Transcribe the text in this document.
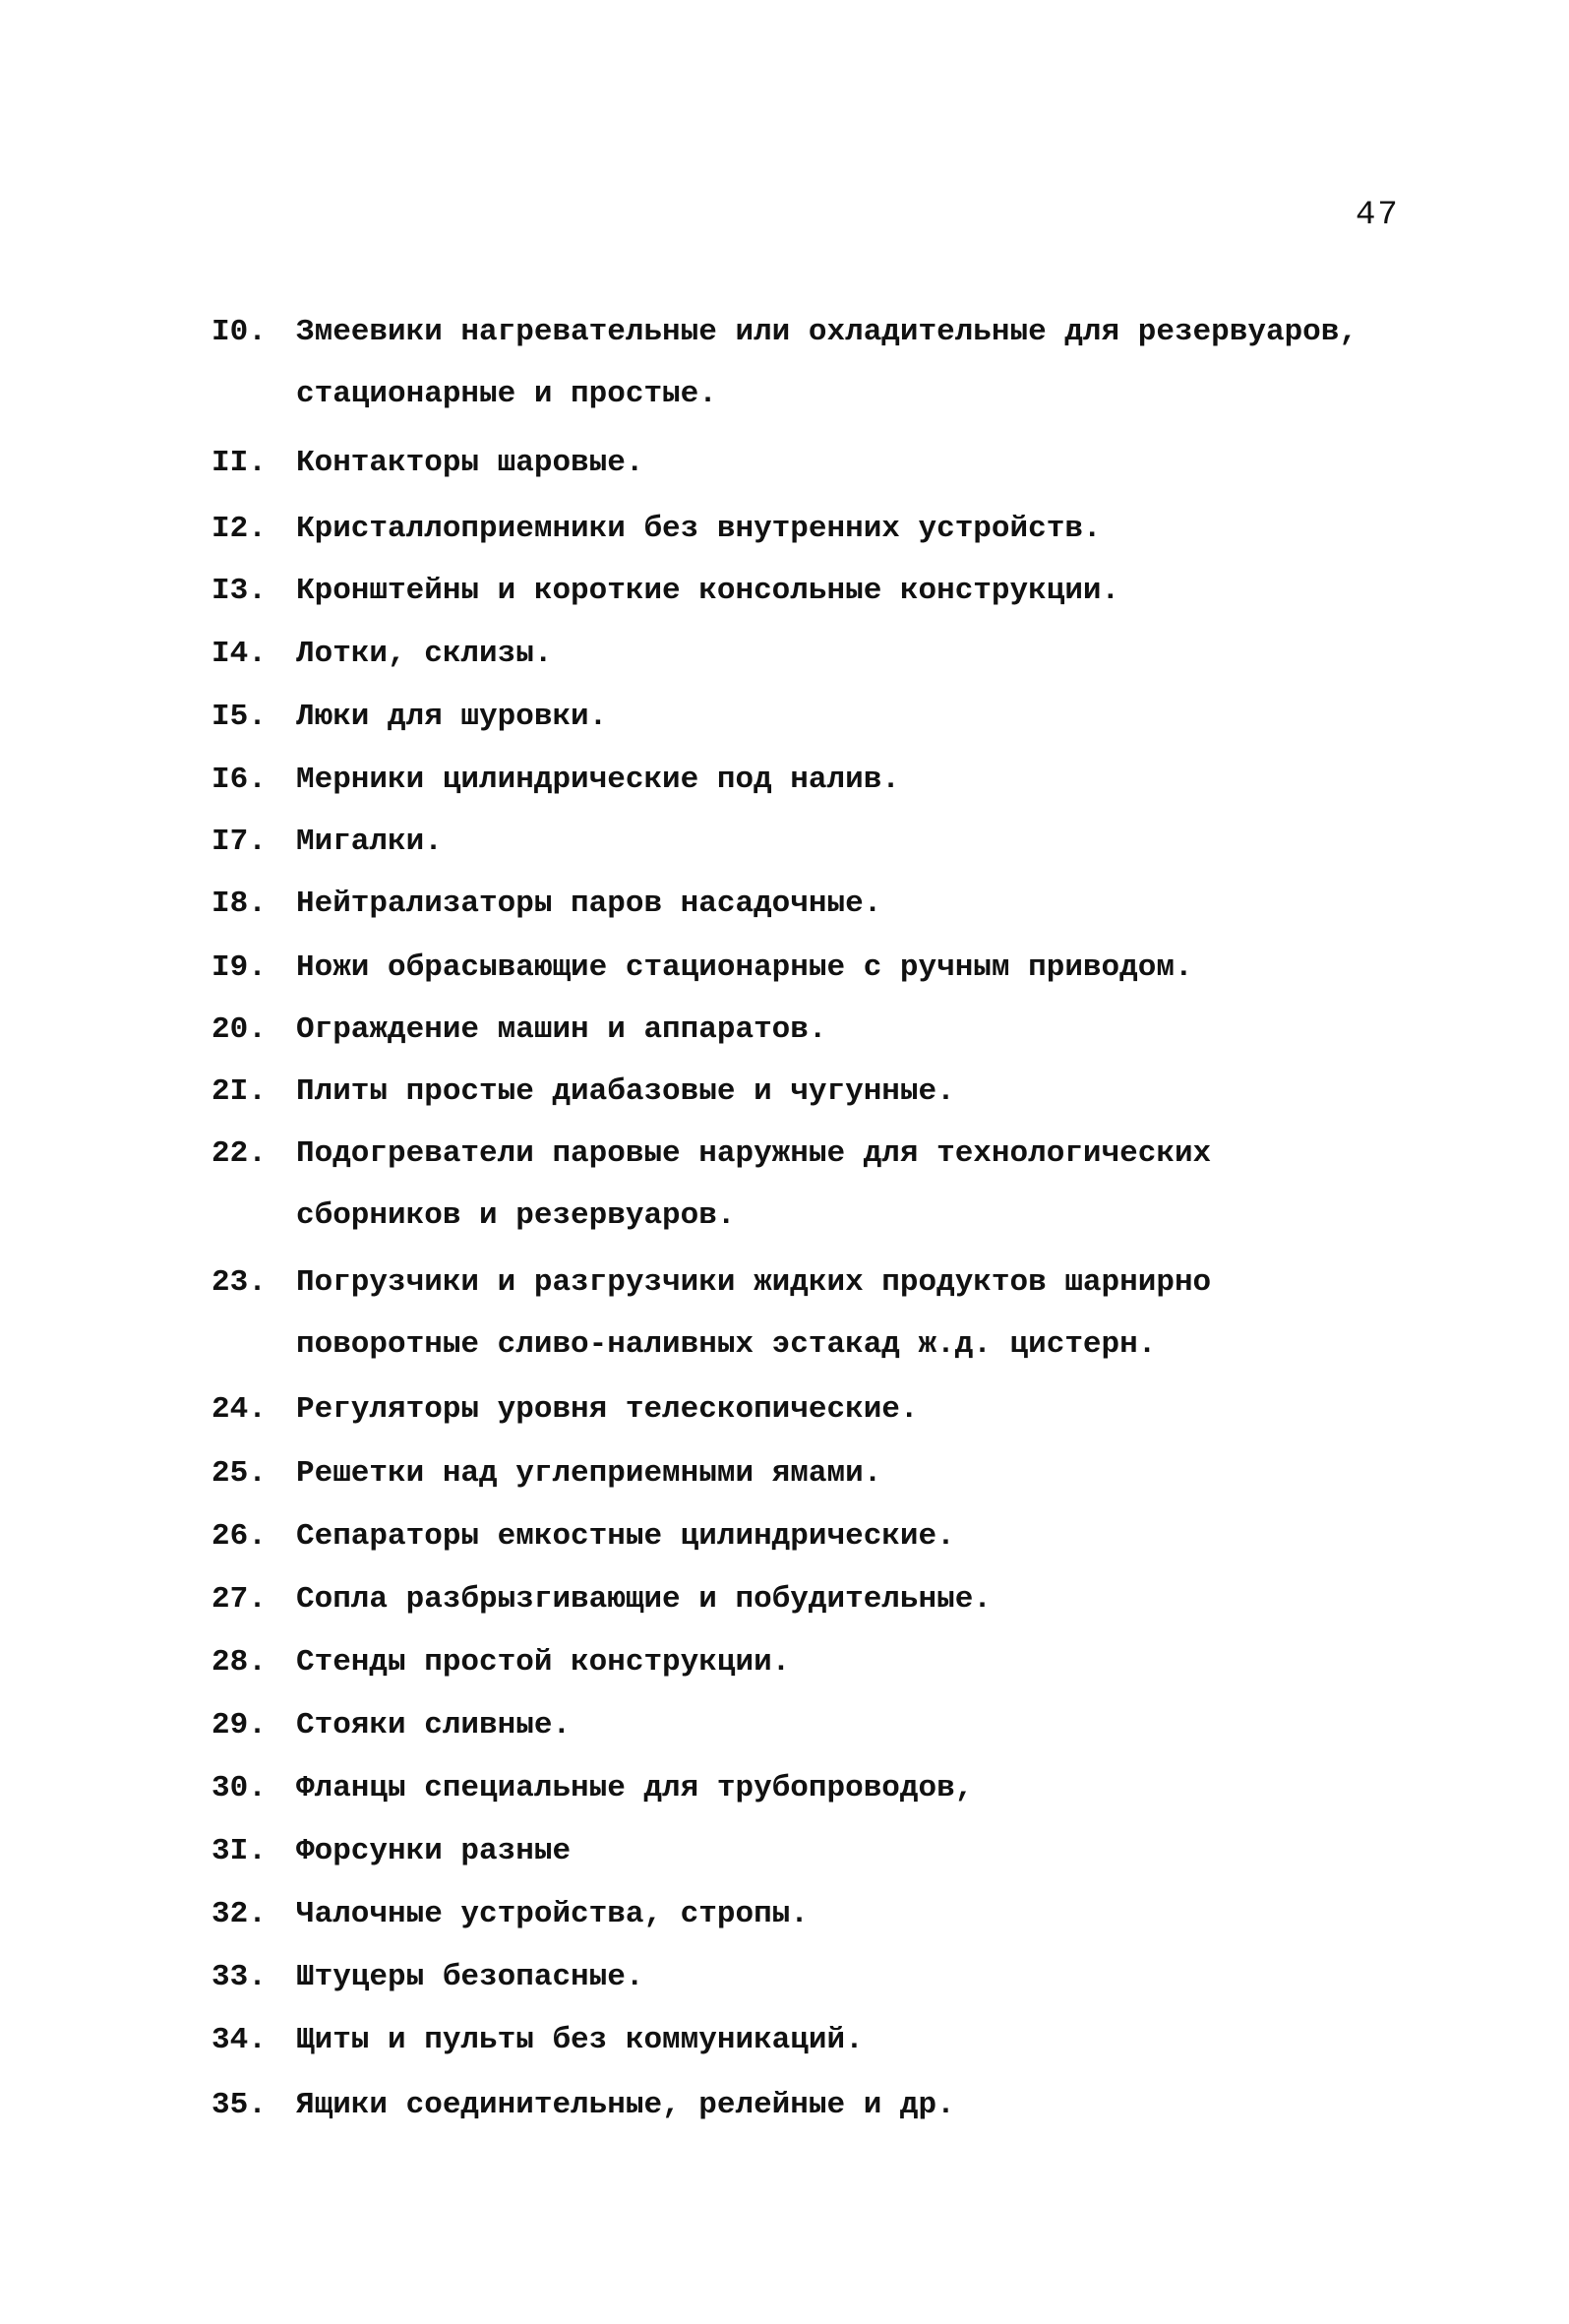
47
I0. Змеевики нагревательные или охладительные для резервуаров,
стационарные и простые.
II. Контакторы шаровые.
I2. Кристаллоприемники без внутренних устройств.
I3. Кронштейны и короткие консольные конструкции.
I4. Лотки, склизы.
I5. Люки для шуровки.
I6. Мерники цилиндрические под налив.
I7. Мигалки.
I8. Нейтрализаторы паров насадочные.
I9. Ножи обрасывающие стационарные с ручным приводом.
20. Ограждение машин и аппаратов.
2I. Плиты простые диабазовые и чугунные.
22. Подогреватели паровые наружные для технологических
сборников и резервуаров.
23. Погрузчики и разгрузчики жидких продуктов шарнирно
поворотные сливо-наливных эстакад ж.д. цистерн.
24. Регуляторы уровня телескопические.
25. Решетки над углеприемными ямами.
26. Сепараторы емкостные цилиндрические.
27. Сопла разбрызгивающие и побудительные.
28. Стенды простой конструкции.
29. Стояки сливные.
30. Фланцы специальные для трубопроводов,
3I. Форсунки разные
32. Чалочные устройства, стропы.
33. Штуцеры безопасные.
34. Щиты и пульты без коммуникаций.
35. Ящики соединительные, релейные и др.
